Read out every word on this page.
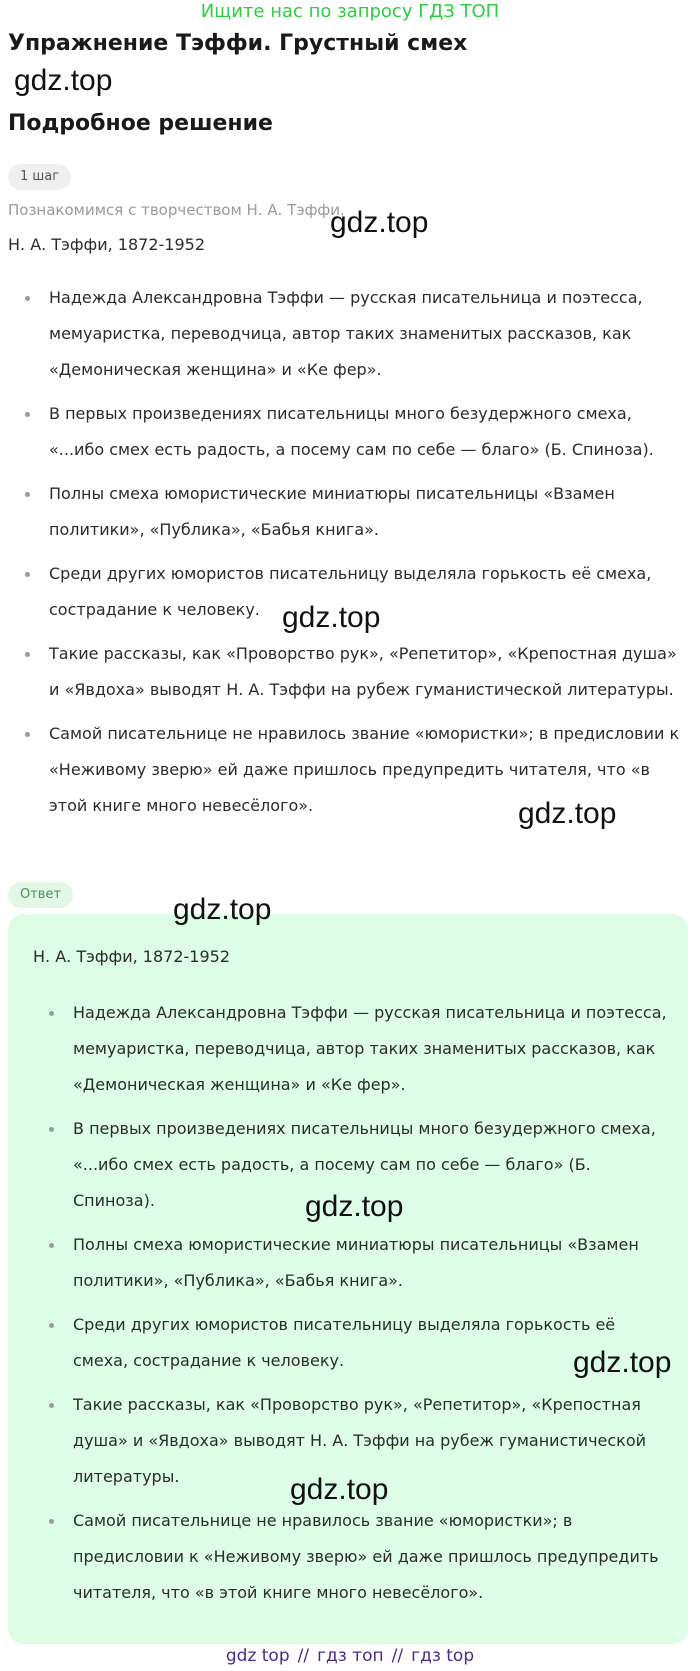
Ищите нас по запросу ГДЗ ТОП
Упражнение Тэффи. Грустный смех
gdz.top
Подробное решение
1 шаг
Познакомимся с творчеством Н. А. Тэффи.
gdz.top
Н. А. Тэффи, 1872-1952
Надежда Александровна Тэффи — русская писательница и поэтесса, мемуаристка, переводчица, автор таких знаменитых рассказов, как «Демоническая женщина» и «Ке фер».
В первых произведениях писательницы много безудержного смеха, «...ибо смех есть радость, а посему сам по себе — благо» (Б. Спиноза).
Полны смеха юмористические миниатюры писательницы «Взамен политики», «Публика», «Бабья книга».
Среди других юмористов писательницу выделяла горькость её смеха, сострадание к человеку.
Такие рассказы, как «Проворство рук», «Репетитор», «Крепостная душа» и «Явдоха» выводят Н. А. Тэффи на рубеж гуманистической литературы.
Самой писательнице не нравилось звание «юмористки»; в предисловии к «Неживому зверю» ей даже пришлось предупредить читателя, что «в этой книге много невесёлого».
gdz.top
gdz.top
Ответ	gdz.top
Н. А. Тэффи, 1872-1952
Надежда Александровна Тэффи — русская писательница и поэтесса, мемуаристка, переводчица, автор таких знаменитых рассказов, как «Демоническая женщина» и «Ке фер».
В первых произведениях писательницы много безудержного смеха, «...ибо смех есть радость, а посему сам по себе — благо» (Б. Спиноза).
Полны смеха юмористические миниатюры писательницы «Взамен политики», «Публика», «Бабья книга».
Среди других юмористов писательницу выделяла горькость её смеха, сострадание к человеку.
Такие рассказы, как «Проворство рук», «Репетитор», «Крепостная душа» и «Явдоха» выводят Н. А. Тэффи на рубеж гуманистической литературы.
Самой писательнице не нравилось звание «юмористки»; в предисловии к «Неживому зверю» ей даже пришлось предупредить читателя, что «в этой книге много невесёлого».
gdz.top
gdz.top
gdz.top
gdz top // гдз топ // гдз top
